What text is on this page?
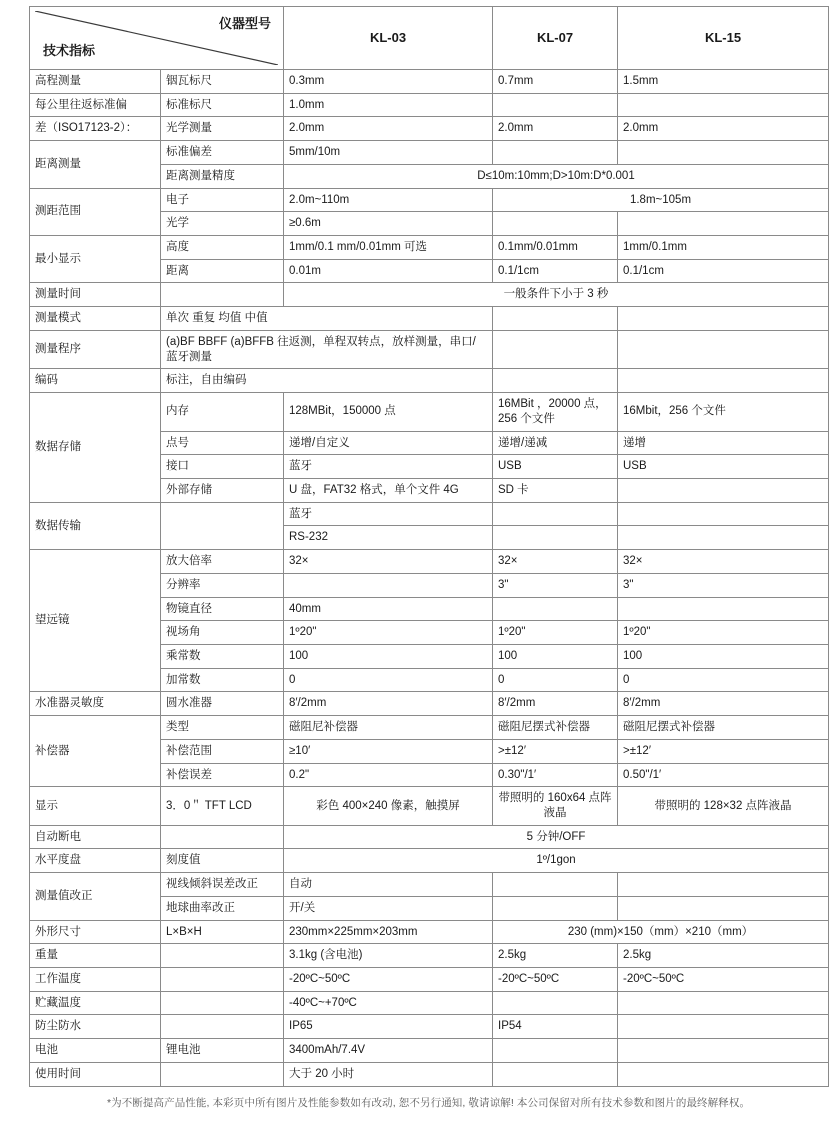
仪器型号
技术指标		KL-03	KL-07	KL-15
高程测量	铟瓦标尺	0.3mm	0.7mm	1.5mm
每公里往返标准偏	标准标尺	1.0mm		
差（ISO17123-2）：	光学测量	2.0mm	2.0mm	2.0mm
距离测量	标准偏差	5mm/10m		
	距离测量精度	D≤10m:10mm;D>10m:D*0.001		
测距范围	电子	2.0m~110m	1.8m~105m	
	光学	≥0.6m		
最小显示	高度	1mm/0.1 mm/0.01mm 可选	0.1mm/0.01mm	1mm/0.1mm
	距离	0.01m	0.1/1cm	0.1/1cm
测量时间		一般条件下小于 3 秒		
测量模式	单次 重复 均值 中值			
测量程序	(a)BF BBFF (a)BFFB 往返测，单程双转点，放样测量，串口/蓝牙测量			
编码	标注，自由编码			
数据存储	内存	128MBit，150000 点	16MBit ，20000 点，256 个文件	16Mbit，256 个文件
	点号	递增/自定义	递增/递减	递增
	接口	蓝牙	USB	USB
	外部存储	U 盘，FAT32 格式，单个文件 4G	SD 卡	
数据传输		蓝牙		
		RS-232		
望远镜	放大倍率	32×	32×	32×
	分辨率		3"	3"
	物镜直径	40mm		
	视场角	1º20"	1º20"	1º20"
	乘常数	100	100	100
	加常数	0	0	0
水准器灵敏度	圆水准器	8′/2mm	8′/2mm	8′/2mm
补偿器	类型	磁阻尼补偿器	磁阻尼摆式补偿器	磁阻尼摆式补偿器
	补偿范围	≥10′	>±12′	>±12′
	补偿误差	0.2"	0.30"/1′	0.50"/1′
显示	3．0＂ TFT LCD	彩色 400×240 像素，触摸屏	带照明的 160x64 点阵液晶	带照明的 128×32 点阵液晶
自动断电		5 分钟/OFF		
水平度盘	刻度值	1º/1gon		
测量值改正	视线倾斜误差改正	自动		
	地球曲率改正	开/关		
外形尺寸	L×B×H	230mm×225mm×203mm	230 (mm)×150（mm）×210（mm）	
重量		3.1kg (含电池)	2.5kg	2.5kg
工作温度		-20ºC~50ºC	-20ºC~50ºC	-20ºC~50ºC
贮藏温度		-40ºC~+70ºC		
防尘防水		IP65	IP54	
电池	锂电池	3400mAh/7.4V		
使用时间		大于 20 小时		
*为不断提高产品性能, 本彩页中所有图片及性能参数如有改动, 恕不另行通知, 敬请谅解! 本公司保留对所有技术参数和图片的最终解释权。
